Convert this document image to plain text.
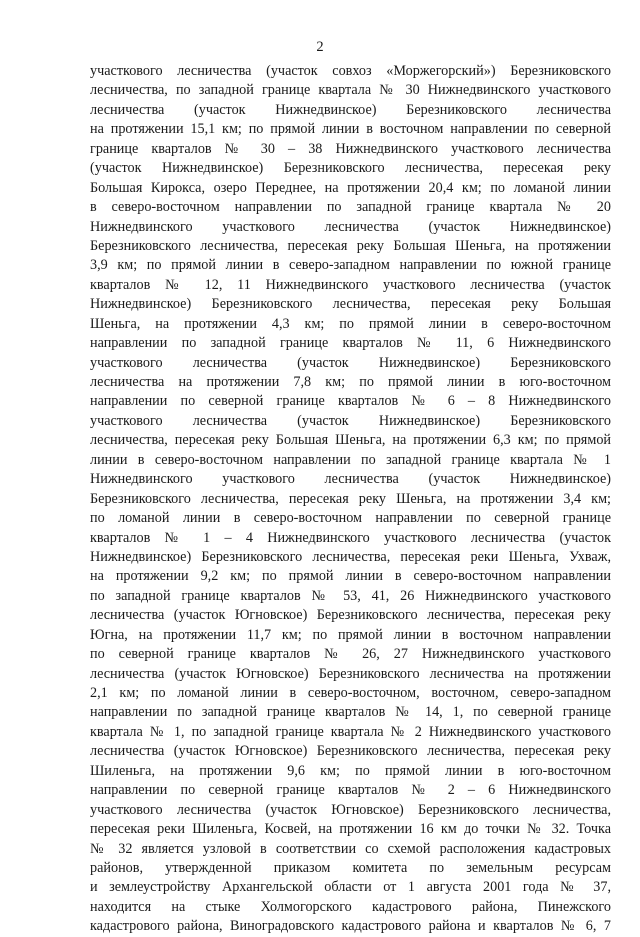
2
участкового лесничества (участок совхоз «Моржегорский») Березниковского
лесничества, по западной границе квартала № 30 Нижнедвинского участкового
лесничества (участок Нижнедвинское) Березниковского лесничества
на протяжении 15,1 км; по прямой линии в восточном направлении по северной
границе кварталов № 30 – 38 Нижнедвинского участкового лесничества
(участок Нижнедвинское) Березниковского лесничества, пересекая реку
Большая Кирокса, озеро Переднее, на протяжении 20,4 км; по ломаной линии
в северо-восточном направлении по западной границе квартала № 20
Нижнедвинского участкового лесничества (участок Нижнедвинское)
Березниковского лесничества, пересекая реку Большая Шеньга, на протяжении
3,9 км; по прямой линии в северо-западном направлении по южной границе
кварталов № 12, 11 Нижнедвинского участкового лесничества (участок
Нижнедвинское) Березниковского лесничества, пересекая реку Большая
Шеньга, на протяжении 4,3 км; по прямой линии в северо-восточном
направлении по западной границе кварталов № 11, 6 Нижнедвинского
участкового лесничества (участок Нижнедвинское) Березниковского
лесничества на протяжении 7,8 км; по прямой линии в юго-восточном
направлении по северной границе кварталов № 6 – 8 Нижнедвинского
участкового лесничества (участок Нижнедвинское) Березниковского
лесничества, пересекая реку Большая Шеньга, на протяжении 6,3 км; по прямой
линии в северо-восточном направлении по западной границе квартала № 1
Нижнедвинского участкового лесничества (участок Нижнедвинское)
Березниковского лесничества, пересекая реку Шеньга, на протяжении 3,4 км;
по ломаной линии в северо-восточном направлении по северной границе
кварталов № 1 – 4 Нижнедвинского участкового лесничества (участок
Нижнедвинское) Березниковского лесничества, пересекая реки Шеньга, Ухваж,
на протяжении 9,2 км; по прямой линии в северо-восточном направлении
по западной границе кварталов № 53, 41, 26 Нижнедвинского участкового
лесничества (участок Югновское) Березниковского лесничества, пересекая реку
Югна, на протяжении 11,7 км; по прямой линии в восточном направлении
по северной границе кварталов № 26, 27 Нижнедвинского участкового
лесничества (участок Югновское) Березниковского лесничества на протяжении
2,1 км; по ломаной линии в северо-восточном, восточном, северо-западном
направлении по западной границе кварталов № 14, 1, по северной границе
квартала № 1, по западной границе квартала № 2 Нижнедвинского участкового
лесничества (участок Югновское) Березниковского лесничества, пересекая реку
Шиленьга, на протяжении 9,6 км; по прямой линии в юго-восточном
направлении по северной границе кварталов № 2 – 6 Нижнедвинского
участкового лесничества (участок Югновское) Березниковского лесничества,
пересекая реки Шиленьга, Косвей, на протяжении 16 км до точки № 32. Точка
№ 32 является узловой в соответствии со схемой расположения кадастровых
районов, утвержденной приказом комитета по земельным ресурсам
и землеустройству Архангельской области от 1 августа 2001 года № 37,
находится на стыке Холмогорского кадастрового района, Пинежского
кадастрового района, Виноградовского кадастрового района и кварталов № 6, 7
